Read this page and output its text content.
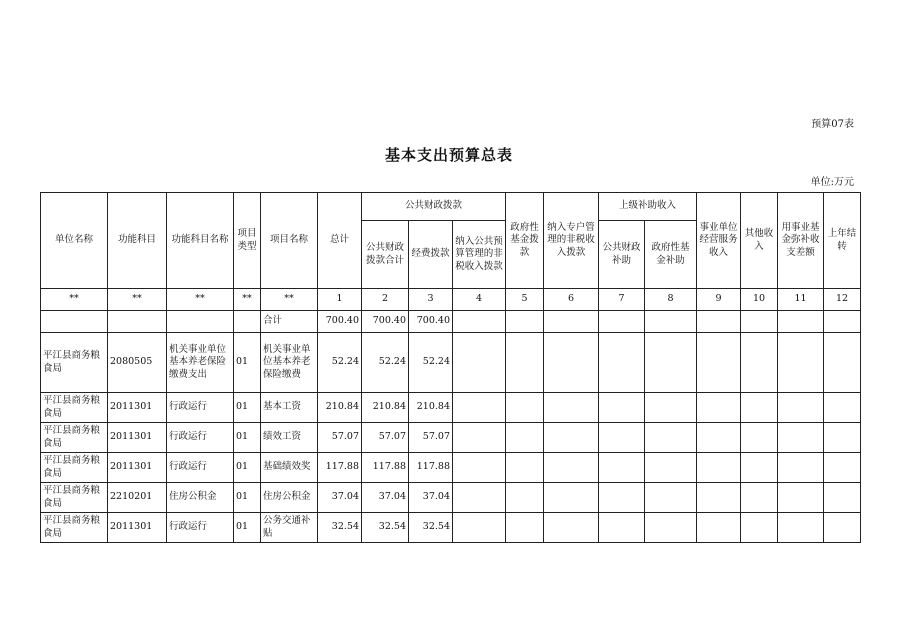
预算07表
基本支出预算总表
单位:万元
单位名称	功能科目	功能科目名称	项目类型	项目名称	总计	公共财政拨款			政府性基金拨款	纳入专户管理的非税收入拨款	上级补助收入		事业单位经营服务收入	其他收入	用事业基金弥补收支差额	上年结转
						公共财政拨款合计	经费拨款	纳入公共预算管理的非税收入拨款			公共财政补助	政府性基金补助				
**	**	**	**	**	1	2	3	4	5	6	7	8	9	10	11	12
				合计	700.40	700.40	700.40									
平江县商务粮食局	2080505	机关事业单位基本养老保险缴费支出	01	机关事业单位基本养老保险缴费	52.24	52.24	52.24									
平江县商务粮食局	2011301	行政运行	01	基本工资	210.84	210.84	210.84									
平江县商务粮食局	2011301	行政运行	01	绩效工资	57.07	57.07	57.07									
平江县商务粮食局	2011301	行政运行	01	基础绩效奖	117.88	117.88	117.88									
平江县商务粮食局	2210201	住房公积金	01	住房公积金	37.04	37.04	37.04									
平江县商务粮食局	2011301	行政运行	01	公务交通补贴	32.54	32.54	32.54									
